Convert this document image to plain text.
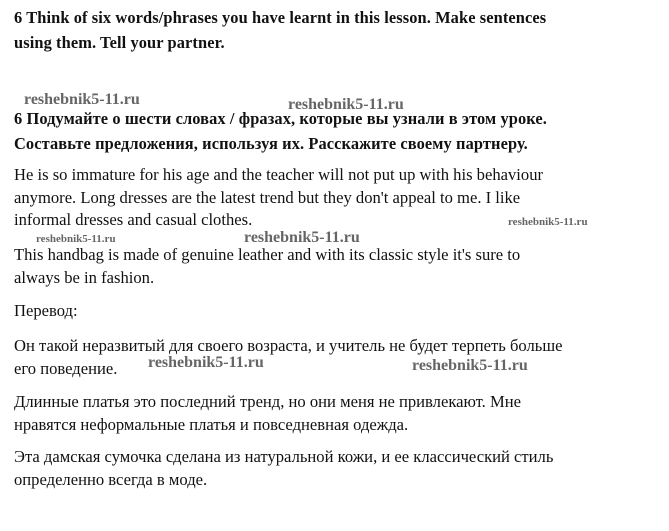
6 Think of six words/phrases you have learnt in this lesson. Make sentences
using them. Tell your partner.
reshebnik5-11.ru	reshebnik5-11.ru
6 Подумайте о шести словах / фразах, которые вы узнали в этом уроке.
Составьте предложения, используя их. Расскажите своему партнеру.
He is so immature for his age and the teacher will not put up with his behaviour
anymore. Long dresses are the latest trend but they don't appeal to me. I like
informal dresses and casual clothes.	reshebnik5-11.ru
reshebnik5-11.ru	reshebnik5-11.ru
This handbag is made of genuine leather and with its classic style it's sure to
always be in fashion.
Перевод:
Он такой неразвитый для своего возраста, и учитель не будет терпеть больше
его поведение.	reshebnik5-11.ru	reshebnik5-11.ru
Длинные платья это последний тренд, но они меня не привлекают. Мне
нравятся неформальные платья и повседневная одежда.
Эта дамская сумочка сделана из натуральной кожи, и ее классический стиль
определенно всегда в моде.
